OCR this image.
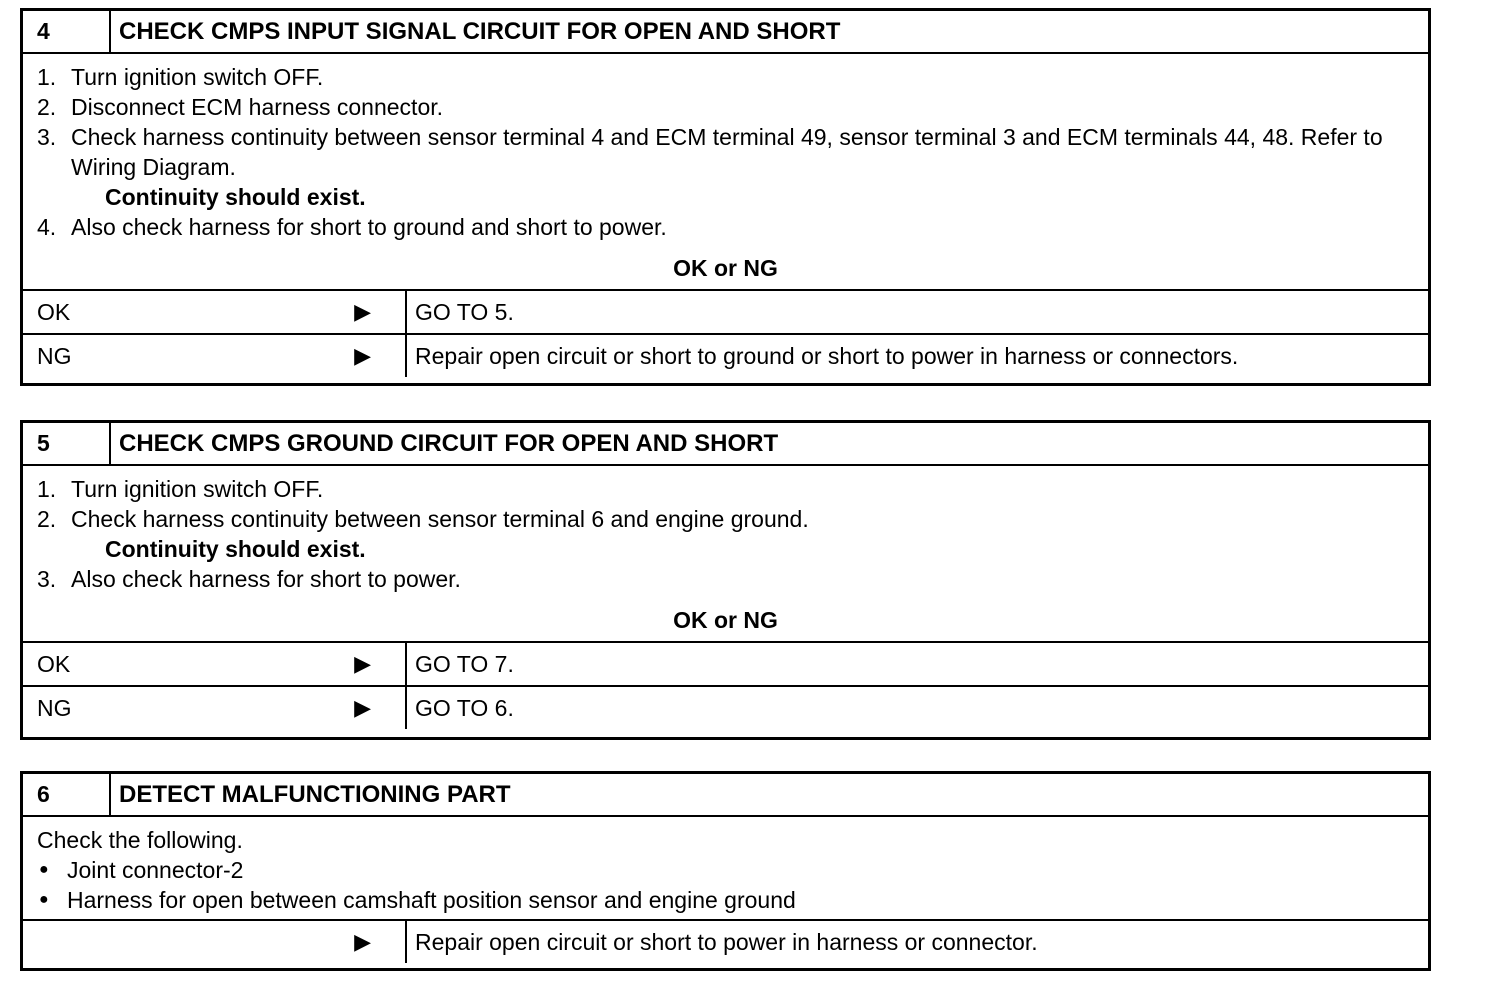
4	CHECK CMPS INPUT SIGNAL CIRCUIT FOR OPEN AND SHORT
1. Turn ignition switch OFF.
2. Disconnect ECM harness connector.
3. Check harness continuity between sensor terminal 4 and ECM terminal 49, sensor terminal 3 and ECM terminals 44, 48. Refer to Wiring Diagram.
Continuity should exist.
4. Also check harness for short to ground and short to power.
OK or NG
OK	▶	GO TO 5.
NG	▶	Repair open circuit or short to ground or short to power in harness or connectors.
5	CHECK CMPS GROUND CIRCUIT FOR OPEN AND SHORT
1. Turn ignition switch OFF.
2. Check harness continuity between sensor terminal 6 and engine ground.
Continuity should exist.
3. Also check harness for short to power.
OK or NG
OK	▶	GO TO 7.
NG	▶	GO TO 6.
6	DETECT MALFUNCTIONING PART
Check the following.
● Joint connector-2
● Harness for open between camshaft position sensor and engine ground
▶	Repair open circuit or short to power in harness or connector.
